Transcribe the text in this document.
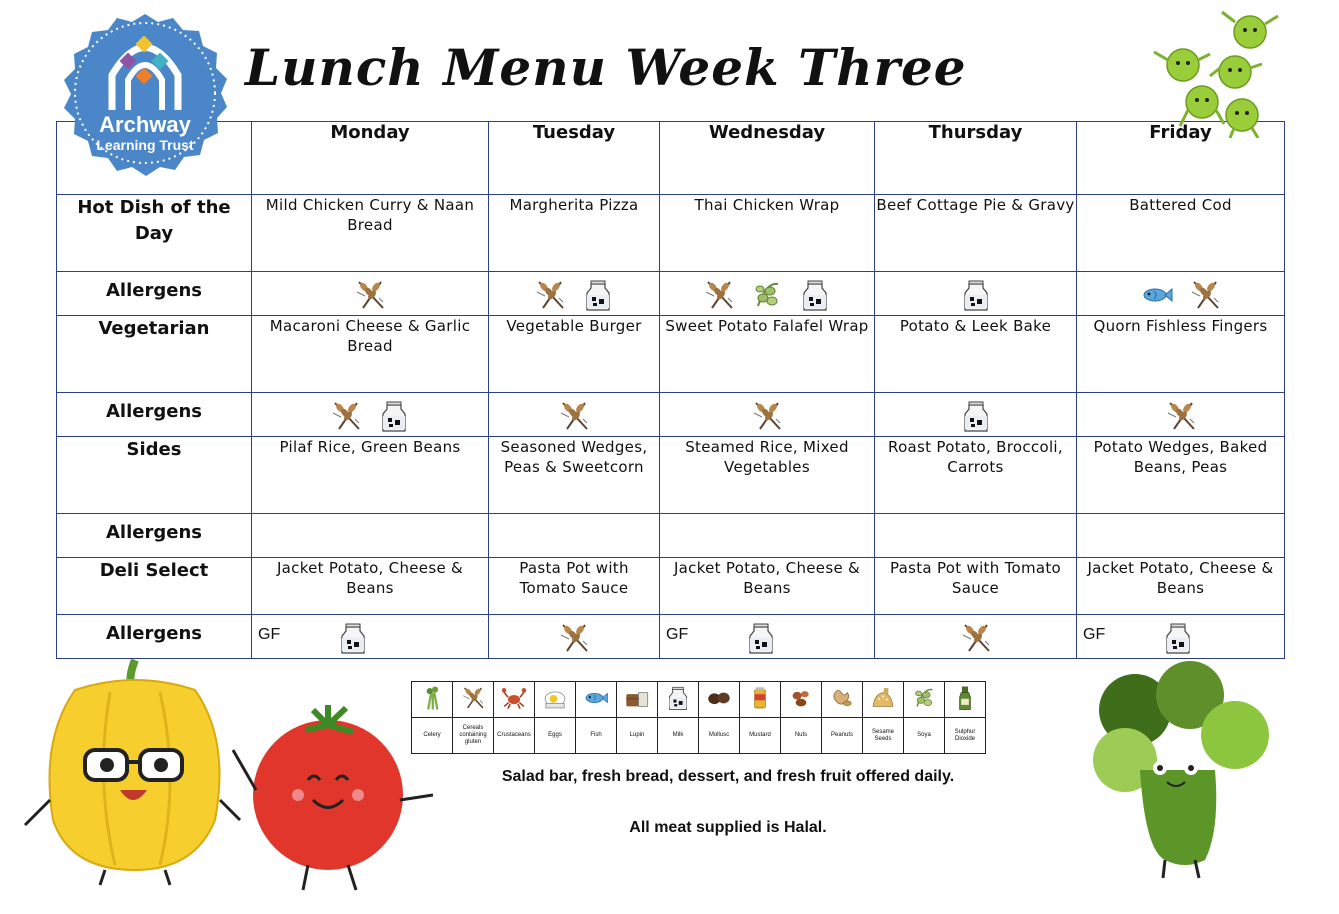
Lunch Menu Week Three
Archway
Learning Trust
	Monday	Tuesday	Wednesday	Thursday	Friday
Hot Dish of the Day	Mild Chicken Curry & Naan Bread	Margherita Pizza	Thai Chicken Wrap	Beef Cottage Pie & Gravy	Battered Cod
Allergens	

Vegetarian	Macaroni Cheese & Garlic Bread	Vegetable Burger	Sweet Potato Falafel Wrap	Potato & Leek Bake	Quorn Fishless Fingers
Allergens	

Sides	Pilaf Rice, Green Beans	Seasoned Wedges, Peas & Sweetcorn	Steamed Rice, Mixed Vegetables	Roast Potato, Broccoli, Carrots	Potato Wedges, Baked Beans, Peas
Allergens	

Deli Select	Jacket Potato, Cheese & Beans	Pasta Pot with Tomato Sauce	Jacket Potato, Cheese & Beans	Pasta Pot with Tomato Sauce	Jacket Potato, Cheese & Beans
Allergens	GF		GF		GF

Celery	Cereals containing gluten	Crustaceans	Eggs	Fish	Lupin	Milk	Mollusc	Mustard	Nuts	Peanuts	Sesame Seeds	Soya	Sulphur Dioxide

Salad bar, fresh bread, dessert, and fresh fruit offered daily.

All meat supplied is Halal.
